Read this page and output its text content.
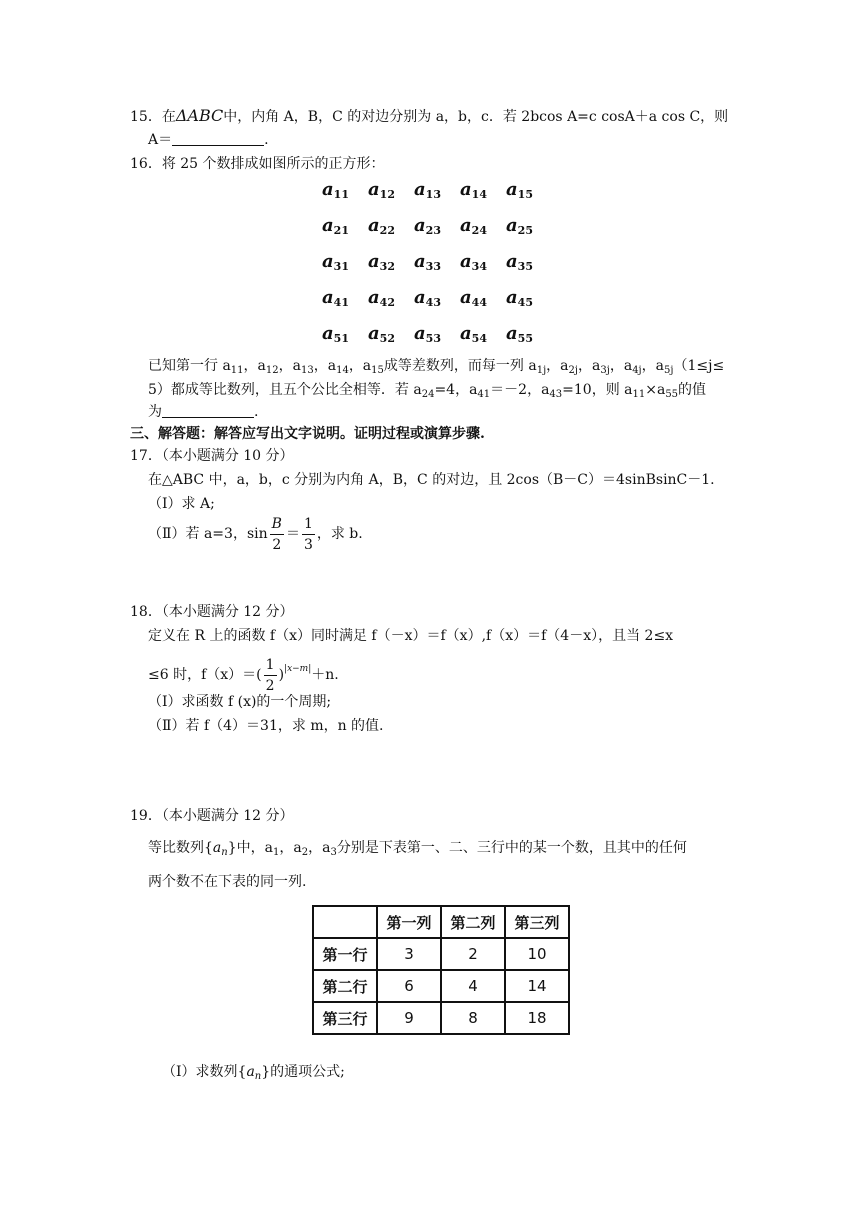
15．在ΔABC中，内角 A，B，C 的对边分别为 a，b，c．若 2bcos A=c cosA＋a cos C，则
A＝	.
16．将 25 个数排成如图所示的正方形：
$a_{11}$	$a_{12}$	$a_{13}$	$a_{14}$	$a_{15}$
$a_{21}$	$a_{22}$	$a_{23}$	$a_{24}$	$a_{25}$
$a_{31}$	$a_{32}$	$a_{33}$	$a_{34}$	$a_{35}$
$a_{41}$	$a_{42}$	$a_{43}$	$a_{44}$	$a_{45}$
$a_{51}$	$a_{52}$	$a_{53}$	$a_{54}$	$a_{55}$
已知第一行 $a_{11}$，$a_{12}$，$a_{13}$，$a_{14}$，$a_{15}$成等差数列，而每一列 $a_{1j}$，$a_{2j}$，$a_{3j}$，$a_{4j}$，$a_{5j}(1\le j\le$
5）都成等比数列，且五个公比全相等．若 $a_{24}=4$，$a_{41}=-2$，$a_{43}=10$，则 $a_{11}\times a_{55}$的值
为	.
三、解答题：解答应写出文字说明。证明过程或演算步骤.
17．（本小题满分 10 分）
在△ABC 中，a，b，c 分别为内角 A，B，C 的对边，且 2cos（B－C）＝4sinBsinC－1.
（Ⅰ）求 A;
（Ⅱ）若 a=3，$\sin \frac{B}{2} = \frac{1}{3}$ ，求 b.
18．（本小题满分 12 分）
定义在 R 上的函数 f（x）同时满足 f（－x）＝f（x）,f（x）＝f（4－x），且当 2≤x
≤6 时，$f(x)=( \frac{1}{2} )^{|x-m|}+n$.
（Ⅰ）求函数 f (x)的一个周期;
（Ⅱ）若 f（4）＝31，求 m，n 的值.
19．（本小题满分 12 分）
等比数列$\{a_n\}$中，$a_1$，$a_2$，$a_3$分别是下表第一、二、三行中的某一个数，且其中的任何
两个数不在下表的同一列.
	第一列	第二列	第三列
第一行	3	2	10
第二行	6	4	14
第三行	9	8	18
（Ⅰ）求数列$\{a_n\}$的通项公式;
